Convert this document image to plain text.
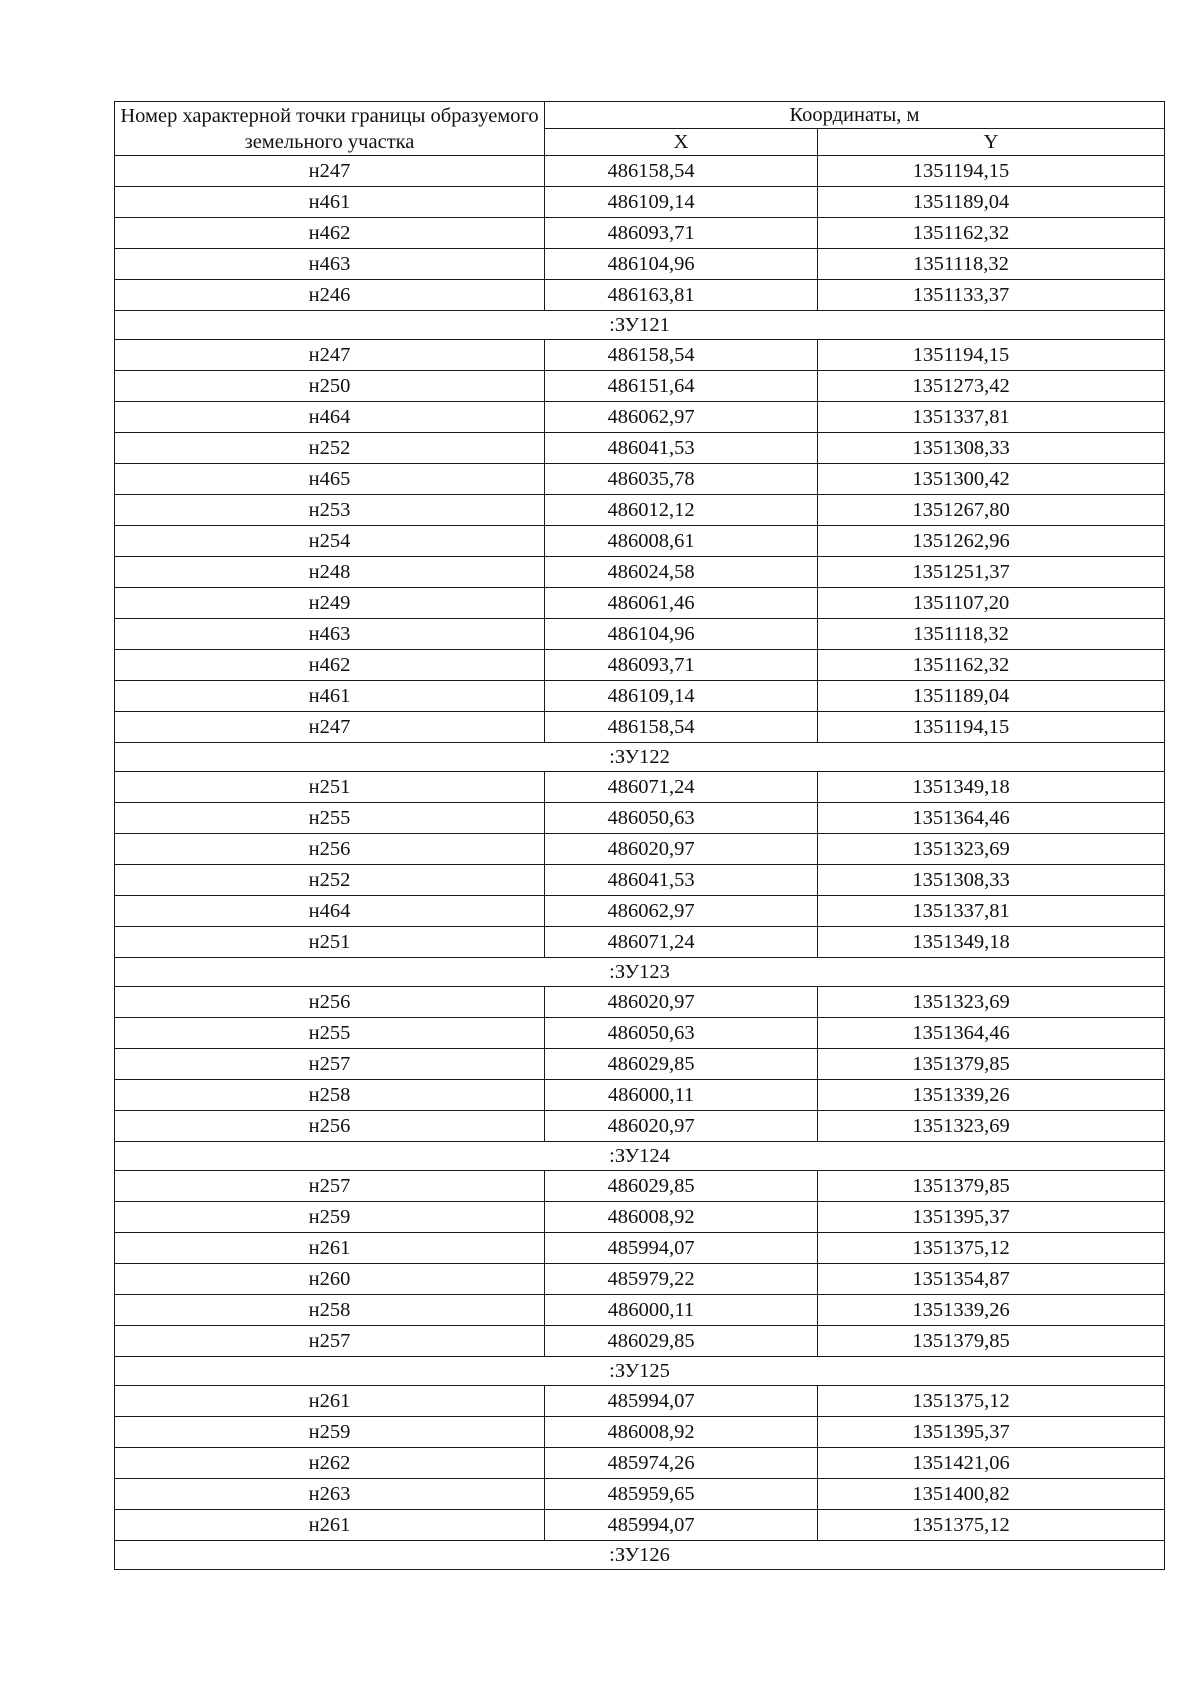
Номер характерной точки границы образуемого земельного участка	Координаты, м	
	X	Y
н247	486158,54	1351194,15
н461	486109,14	1351189,04
н462	486093,71	1351162,32
н463	486104,96	1351118,32
н246	486163,81	1351133,37
:ЗУ121		
н247	486158,54	1351194,15
н250	486151,64	1351273,42
н464	486062,97	1351337,81
н252	486041,53	1351308,33
н465	486035,78	1351300,42
н253	486012,12	1351267,80
н254	486008,61	1351262,96
н248	486024,58	1351251,37
н249	486061,46	1351107,20
н463	486104,96	1351118,32
н462	486093,71	1351162,32
н461	486109,14	1351189,04
н247	486158,54	1351194,15
:ЗУ122		
н251	486071,24	1351349,18
н255	486050,63	1351364,46
н256	486020,97	1351323,69
н252	486041,53	1351308,33
н464	486062,97	1351337,81
н251	486071,24	1351349,18
:ЗУ123		
н256	486020,97	1351323,69
н255	486050,63	1351364,46
н257	486029,85	1351379,85
н258	486000,11	1351339,26
н256	486020,97	1351323,69
:ЗУ124		
н257	486029,85	1351379,85
н259	486008,92	1351395,37
н261	485994,07	1351375,12
н260	485979,22	1351354,87
н258	486000,11	1351339,26
н257	486029,85	1351379,85
:ЗУ125		
н261	485994,07	1351375,12
н259	486008,92	1351395,37
н262	485974,26	1351421,06
н263	485959,65	1351400,82
н261	485994,07	1351375,12
:ЗУ126		
